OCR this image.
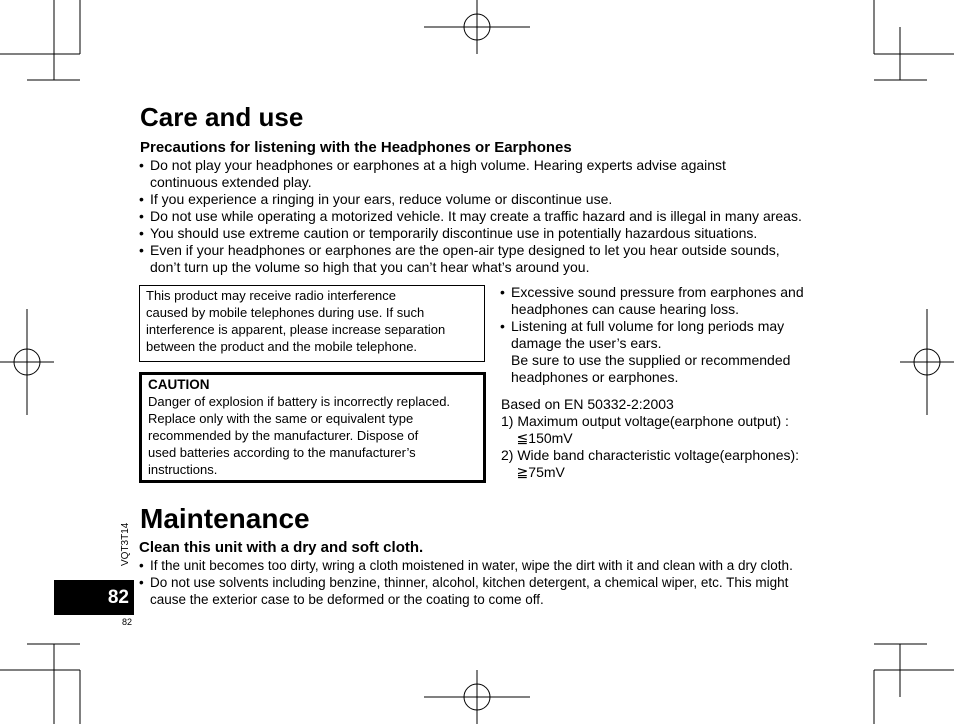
Care and use
Precautions for listening with the Headphones or Earphones
• Do not play your headphones or earphones at a high volume. Hearing experts advise against
continuous extended play.
• If you experience a ringing in your ears, reduce volume or discontinue use.
• Do not use while operating a motorized vehicle. It may create a traffic hazard and is illegal in many areas.
• You should use extreme caution or temporarily discontinue use in potentially hazardous situations.
• Even if your headphones or earphones are the open-air type designed to let you hear outside sounds,
don’t turn up the volume so high that you can’t hear what’s around you.
This product may receive radio interference
caused by mobile telephones during use. If such
interference is apparent, please increase separation
between the product and the mobile telephone.

CAUTION

Danger of explosion if battery is incorrectly replaced.
Replace only with the same or equivalent type
recommended by the manufacturer. Dispose of
used batteries according to the manufacturer’s
instructions.
• Excessive sound pressure from earphones and
headphones can cause hearing loss.
• Listening at full volume for long periods may
damage the user’s ears.
Be sure to use the supplied or recommended
headphones or earphones.
Based on EN 50332-2:2003
1) Maximum output voltage(earphone output) :
≦150mV
2) Wide band characteristic voltage(earphones):
≧75mV
Maintenance
Clean this unit with a dry and soft cloth.
• If the unit becomes too dirty, wring a cloth moistened in water, wipe the dirt with it and clean with a dry cloth.
• Do not use solvents including benzine, thinner, alcohol, kitchen detergent, a chemical wiper, etc. This might
cause the exterior case to be deformed or the coating to come off.
VQT3T14
82
82
